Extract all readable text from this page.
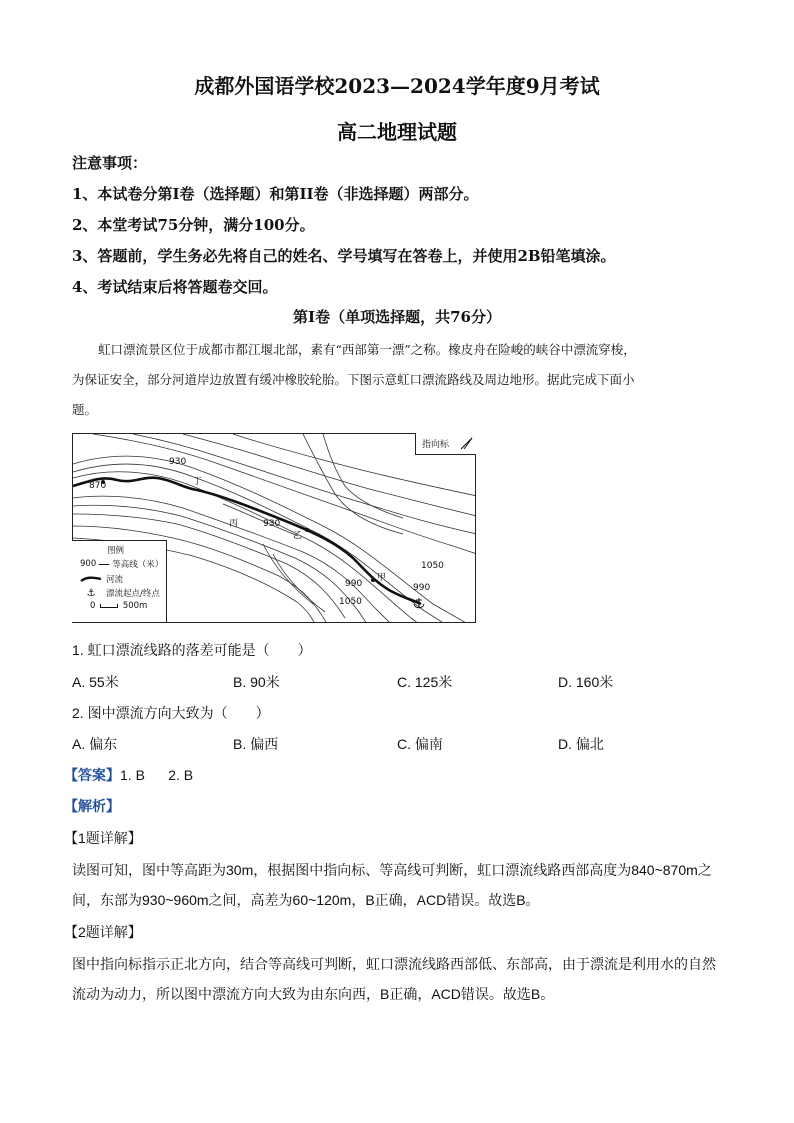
成都外国语学校2023—2024学年度9月考试
高二地理试题
注意事项：
1、本试卷分第Ⅰ卷（选择题）和第II卷（非选择题）两部分。
2、本堂考试75分钟，满分100分。
3、答题前，学生务必先将自己的姓名、学号填写在答卷上，并使用2B铅笔填涂。
4、考试结束后将答题卷交回。
第Ⅰ卷（单项选择题，共76分）
虹口漂流景区位于成都市都江堰北部，素有“西部第一漂”之称。橡皮舟在险峻的峡谷中漂流穿梭，
为保证安全，部分河道岸边放置有缓冲橡胶轮胎。下图示意虹口漂流路线及周边地形。据此完成下面小
题。
930
870
930
1050
990	990
1050
丁
丙
乙
甲
指向标
图例
900 等高线（米）
河流
⚓	漂流起点/终点
0	500m
1. 虹口漂流线路的落差可能是（　　）
A. 55米	B. 90米	C. 125米	D. 160米
2. 图中漂流方向大致为（　　）
A. 偏东	B. 偏西	C. 偏南	D. 偏北
【答案】1. B      2. B
【解析】
【1题详解】
读图可知，图中等高距为30m，根据图中指向标、等高线可判断，虹口漂流线路西部高度为840~870m之
间，东部为930~960m之间，高差为60~120m，B正确，ACD错误。故选B。
【2题详解】
图中指向标指示正北方向，结合等高线可判断，虹口漂流线路西部低、东部高，由于漂流是利用水的自然
流动为动力，所以图中漂流方向大致为由东向西，B正确，ACD错误。故选B。
